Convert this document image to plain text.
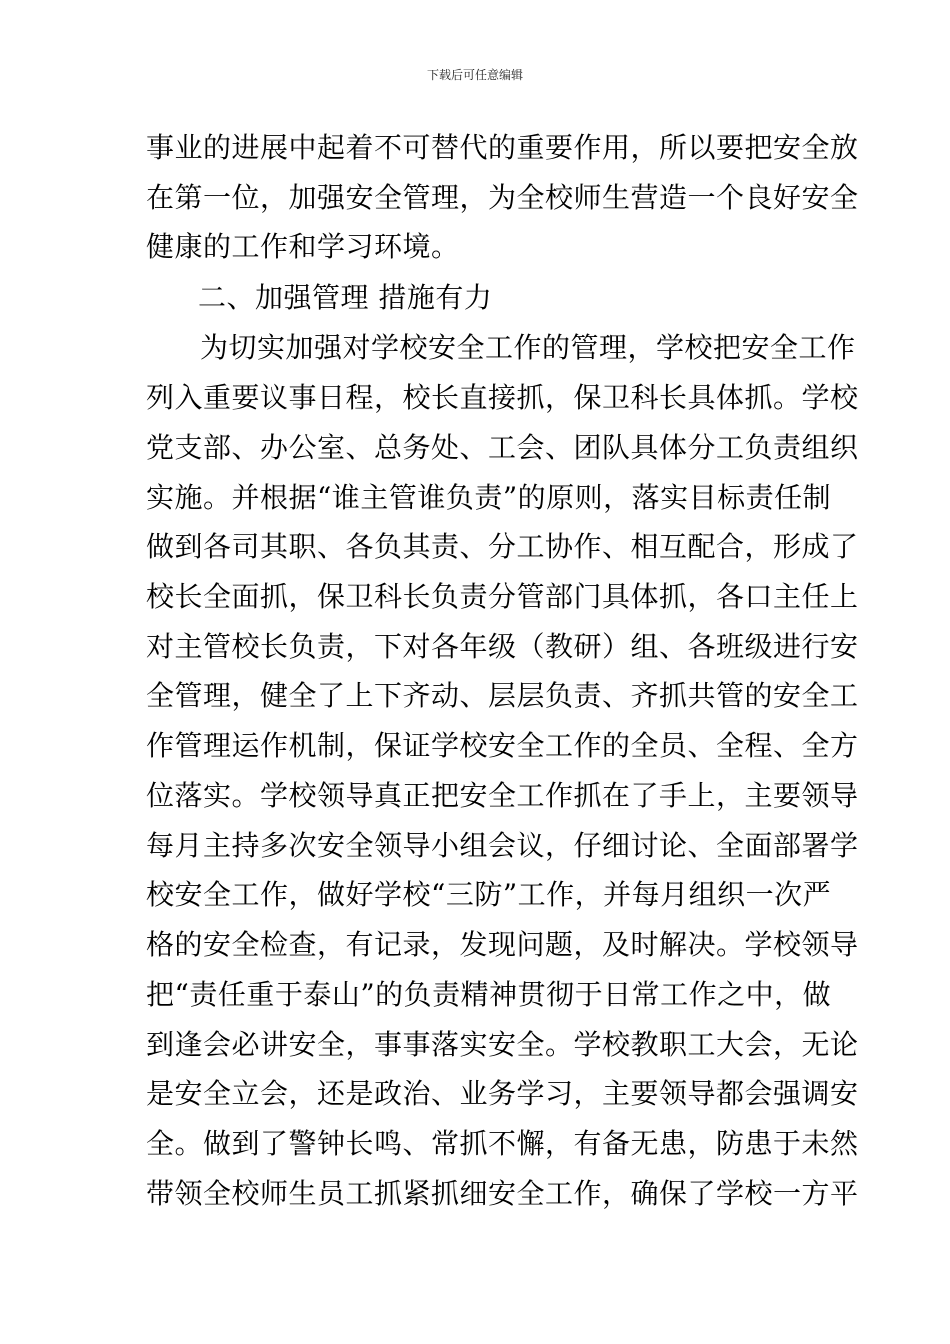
下载后可任意编辑
事业的进展中起着不可替代的重要作用，所以要把安全放
在第一位，加强安全管理，为全校师生营造一个良好安全
健康的工作和学习环境。
二、加强管理 措施有力
为切实加强对学校安全工作的管理，学校把安全工作
列入重要议事日程，校长直接抓，保卫科长具体抓。学校
党支部、办公室、总务处、工会、团队具体分工负责组织
实施。并根据“谁主管谁负责”的原则，落实目标责任制
做到各司其职、各负其责、分工协作、相互配合，形成了
校长全面抓，保卫科长负责分管部门具体抓，各口主任上
对主管校长负责，下对各年级（教研）组、各班级进行安
全管理，健全了上下齐动、层层负责、齐抓共管的安全工
作管理运作机制，保证学校安全工作的全员、全程、全方
位落实。学校领导真正把安全工作抓在了手上，主要领导
每月主持多次安全领导小组会议，仔细讨论、全面部署学
校安全工作，做好学校“三防”工作，并每月组织一次严
格的安全检查，有记录，发现问题，及时解决。学校领导
把“责任重于泰山”的负责精神贯彻于日常工作之中，做
到逢会必讲安全，事事落实安全。学校教职工大会，无论
是安全立会，还是政治、业务学习，主要领导都会强调安
全。做到了警钟长鸣、常抓不懈，有备无患，防患于未然
带领全校师生员工抓紧抓细安全工作，确保了学校一方平
